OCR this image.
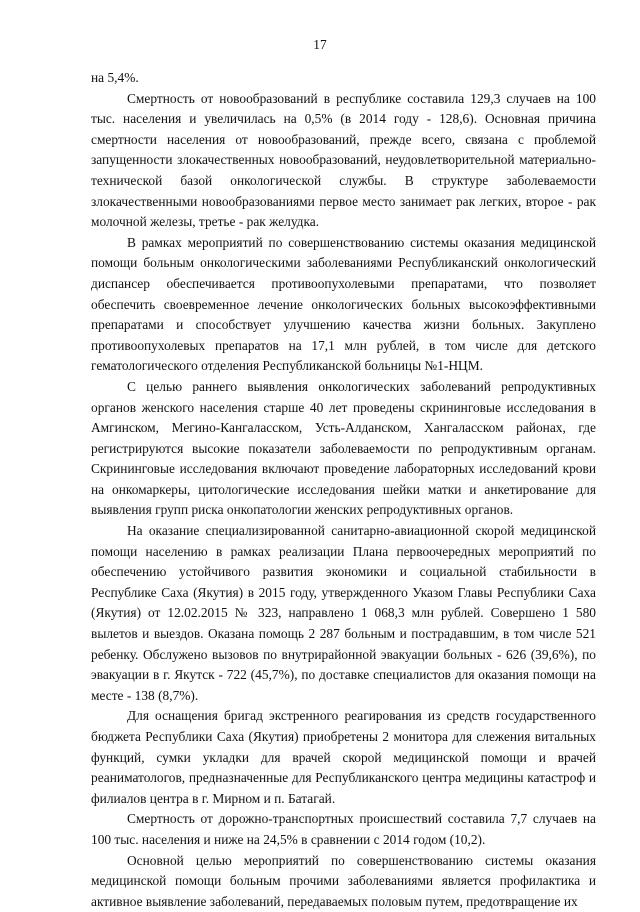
17

на 5,4%.

Смертность от новообразований в республике составила 129,3 случаев на 100 тыс. населения и увеличилась на 0,5% (в 2014 году - 128,6). Основная причина смертности населения от новообразований, прежде всего, связана с проблемой запущенности злокачественных новообразований, неудовлетворительной материально-технической базой онкологической службы. В структуре заболеваемости злокачественными новообразованиями первое место занимает рак легких, второе - рак молочной железы, третье - рак желудка.

В рамках мероприятий по совершенствованию системы оказания медицинской помощи больным онкологическими заболеваниями Республиканский онкологический диспансер обеспечивается противоопухолевыми препаратами, что позволяет обеспечить своевременное лечение онкологических больных высокоэффективными препаратами и способствует улучшению качества жизни больных. Закуплено противоопухолевых препаратов на 17,1 млн рублей, в том числе для детского гематологического отделения Республиканской больницы №1-НЦМ.

С целью раннего выявления онкологических заболеваний репродуктивных органов женского населения старше 40 лет проведены скрининговые исследования в Амгинском, Мегино-Кангаласском, Усть-Алданском, Хангаласском районах, где регистрируются высокие показатели заболеваемости по репродуктивным органам. Скрининговые исследования включают проведение лабораторных исследований крови на онкомаркеры, цитологические исследования шейки матки и анкетирование для выявления групп риска онкопатологии женских репродуктивных органов.

На оказание специализированной санитарно-авиационной скорой медицинской помощи населению в рамках реализации Плана первоочередных мероприятий по обеспечению устойчивого развития экономики и социальной стабильности в Республике Саха (Якутия) в 2015 году, утвержденного Указом Главы Республики Саха (Якутия) от 12.02.2015 № 323, направлено 1 068,3 млн рублей. Совершено 1 580 вылетов и выездов. Оказана помощь 2 287 больным и пострадавшим, в том числе 521 ребенку. Обслужено вызовов по внутрирайонной эвакуации больных - 626 (39,6%), по эвакуации в г. Якутск - 722 (45,7%), по доставке специалистов для оказания помощи на месте - 138 (8,7%).

Для оснащения бригад экстренного реагирования из средств государственного бюджета Республики Саха (Якутия) приобретены 2 монитора для слежения витальных функций, сумки укладки для врачей скорой медицинской помощи и врачей реаниматологов, предназначенные для Республиканского центра медицины катастроф и филиалов центра в г. Мирном и п. Батагай.

Смертность от дорожно-транспортных происшествий составила 7,7 случаев на 100 тыс. населения и ниже на 24,5% в сравнении с 2014 годом (10,2).

Основной целью мероприятий по совершенствованию системы оказания медицинской помощи больным прочими заболеваниями является профилактика и активное выявление заболеваний, передаваемых половым путем, предотвращение их
